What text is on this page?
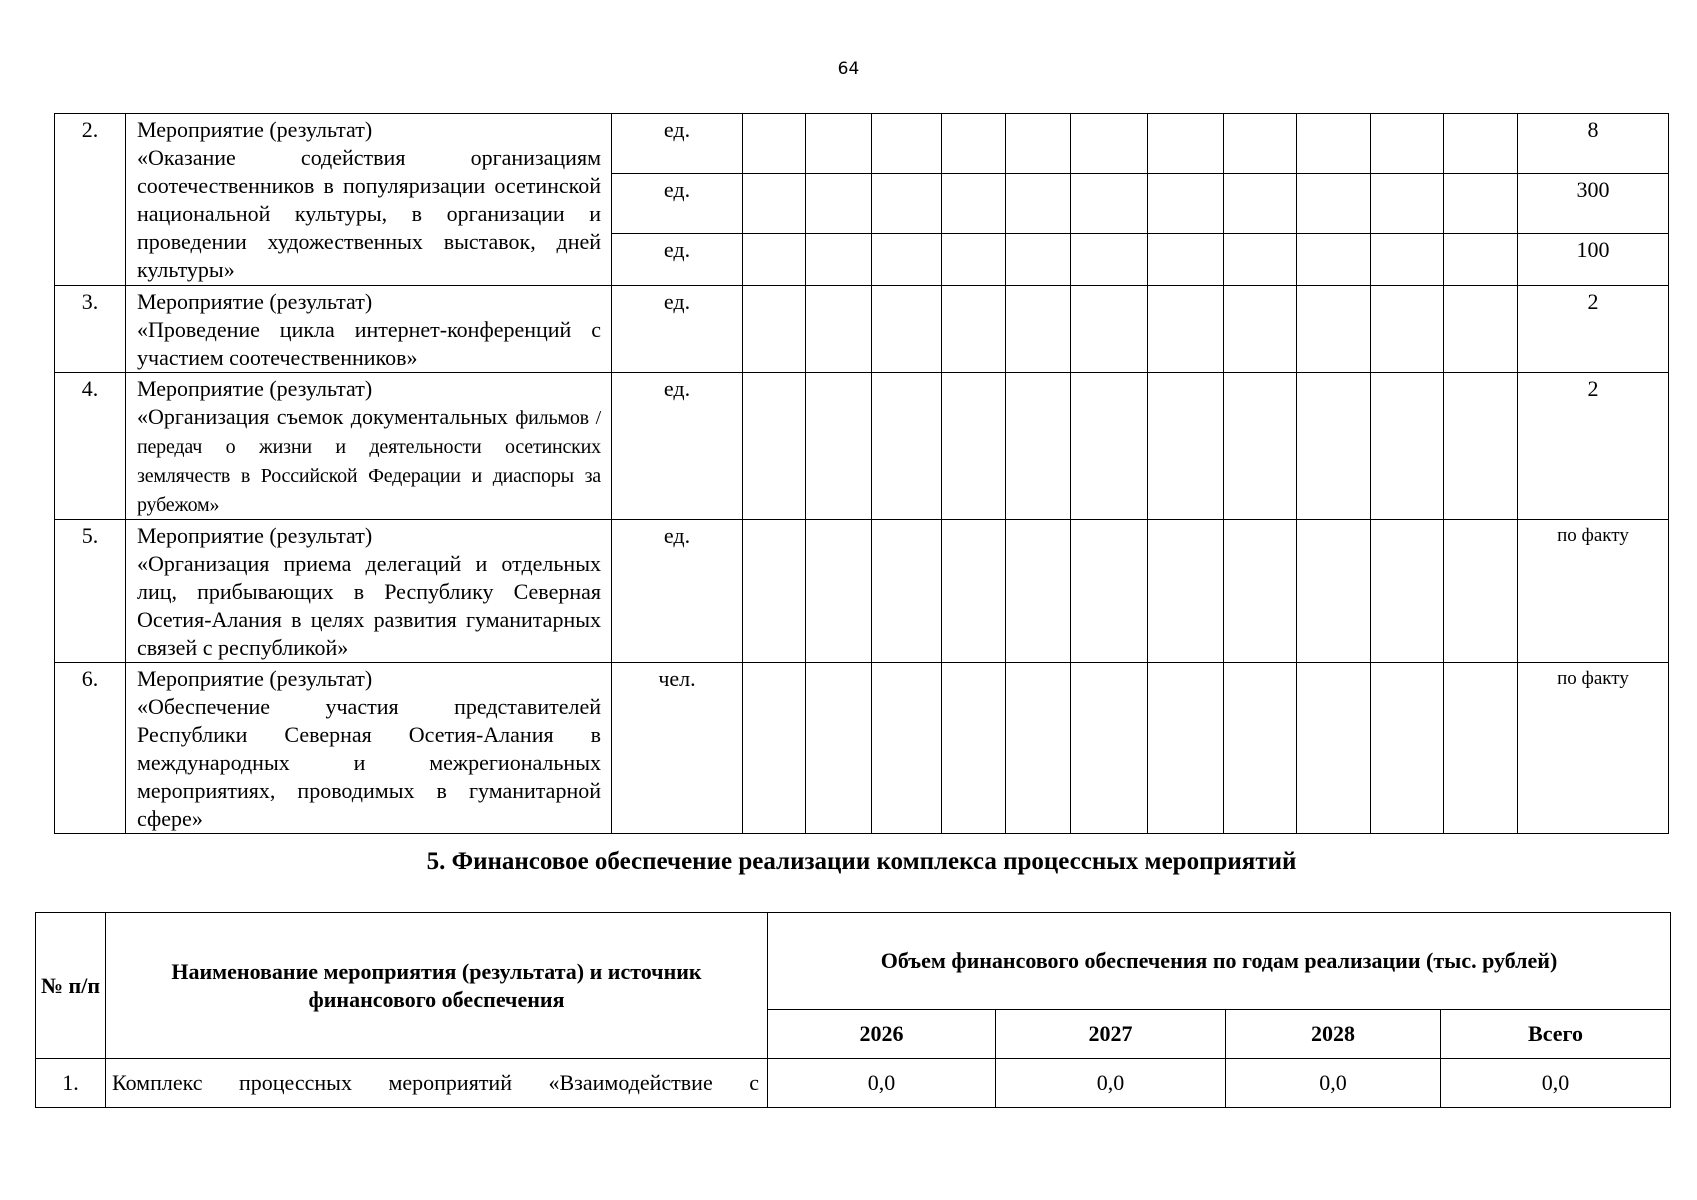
64
2.	Мероприятие (результат)
«Оказание содействия организациям соотечественников в популяризации осетинской национальной культуры, в организации и проведении художественных выставок, дней культуры»	ед.												8
		ед.												300
		ед.												100
3.	Мероприятие (результат)
«Проведение цикла интернет-конференций с участием соотечественников»	ед.												2
4.	Мероприятие (результат)
«Организация съемок документальных фильмов /передач о жизни и деятельности осетинских землячеств в Российской Федерации и диаспоры за рубежом»	ед.												2
5.	Мероприятие (результат)
«Организация приема делегаций и отдельных лиц, прибывающих в Республику Северная Осетия-Алания в целях развития гуманитарных связей с республикой»	ед.												по факту
6.	Мероприятие (результат)
«Обеспечение участия представителей Республики Северная Осетия-Алания в международных и межрегиональных мероприятиях, проводимых в гуманитарной сфере»	чел.												по факту
5. Финансовое обеспечение реализации комплекса процессных мероприятий
№ п/п	Наименование мероприятия (результата) и источник финансового обеспечения	Объем финансового обеспечения по годам реализации (тыс. рублей)			
		2026	2027	2028	Всего
1.	Комплекс процессных мероприятий «Взаимодействие с	0,0	0,0	0,0	0,0
